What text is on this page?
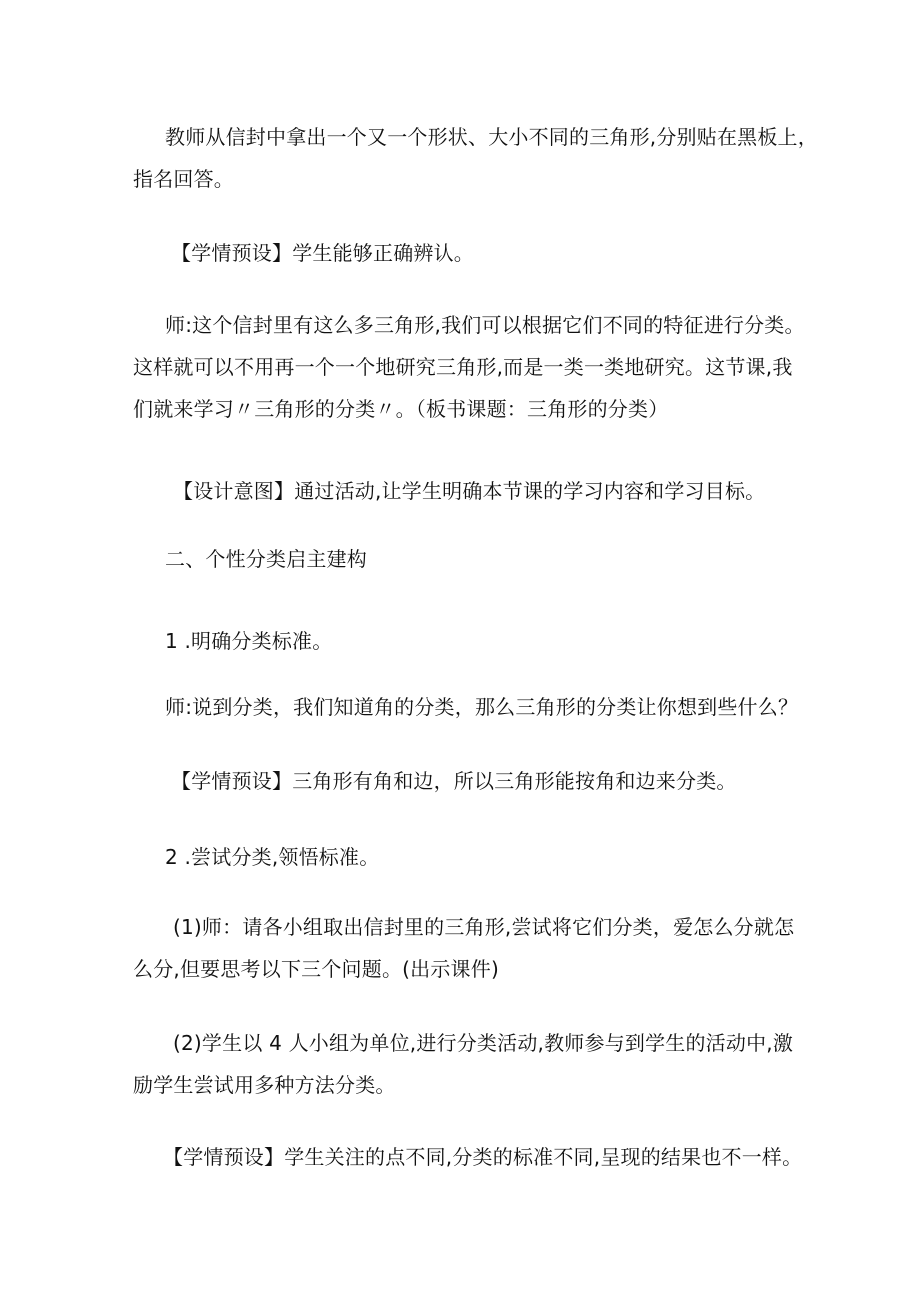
教师从信封中拿出一个又一个形状、大小不同的三角形,分别贴在黑板上，
指名回答。

【学情预设】学生能够正确辨认。

师:这个信封里有这么多三角形,我们可以根据它们不同的特征进行分类。
这样就可以不用再一个一个地研究三角形,而是一类一类地研究。这节课,我
们就来学习〃三角形的分类〃。（板书课题：三角形的分类）

【设计意图】通过活动,让学生明确本节课的学习内容和学习目标。

二、个性分类启主建构

1 .明确分类标准。

师:说到分类，我们知道角的分类，那么三角形的分类让你想到些什么？

【学情预设】三角形有角和边，所以三角形能按角和边来分类。

2 .尝试分类,领悟标准。

(1)师：请各小组取出信封里的三角形,尝试将它们分类，爱怎么分就怎
么分,但要思考以下三个问题。(出示课件)

(2)学生以 4 人小组为单位,进行分类活动,教师参与到学生的活动中,激
励学生尝试用多种方法分类。

【学情预设】学生关注的点不同,分类的标准不同,呈现的结果也不一样。
